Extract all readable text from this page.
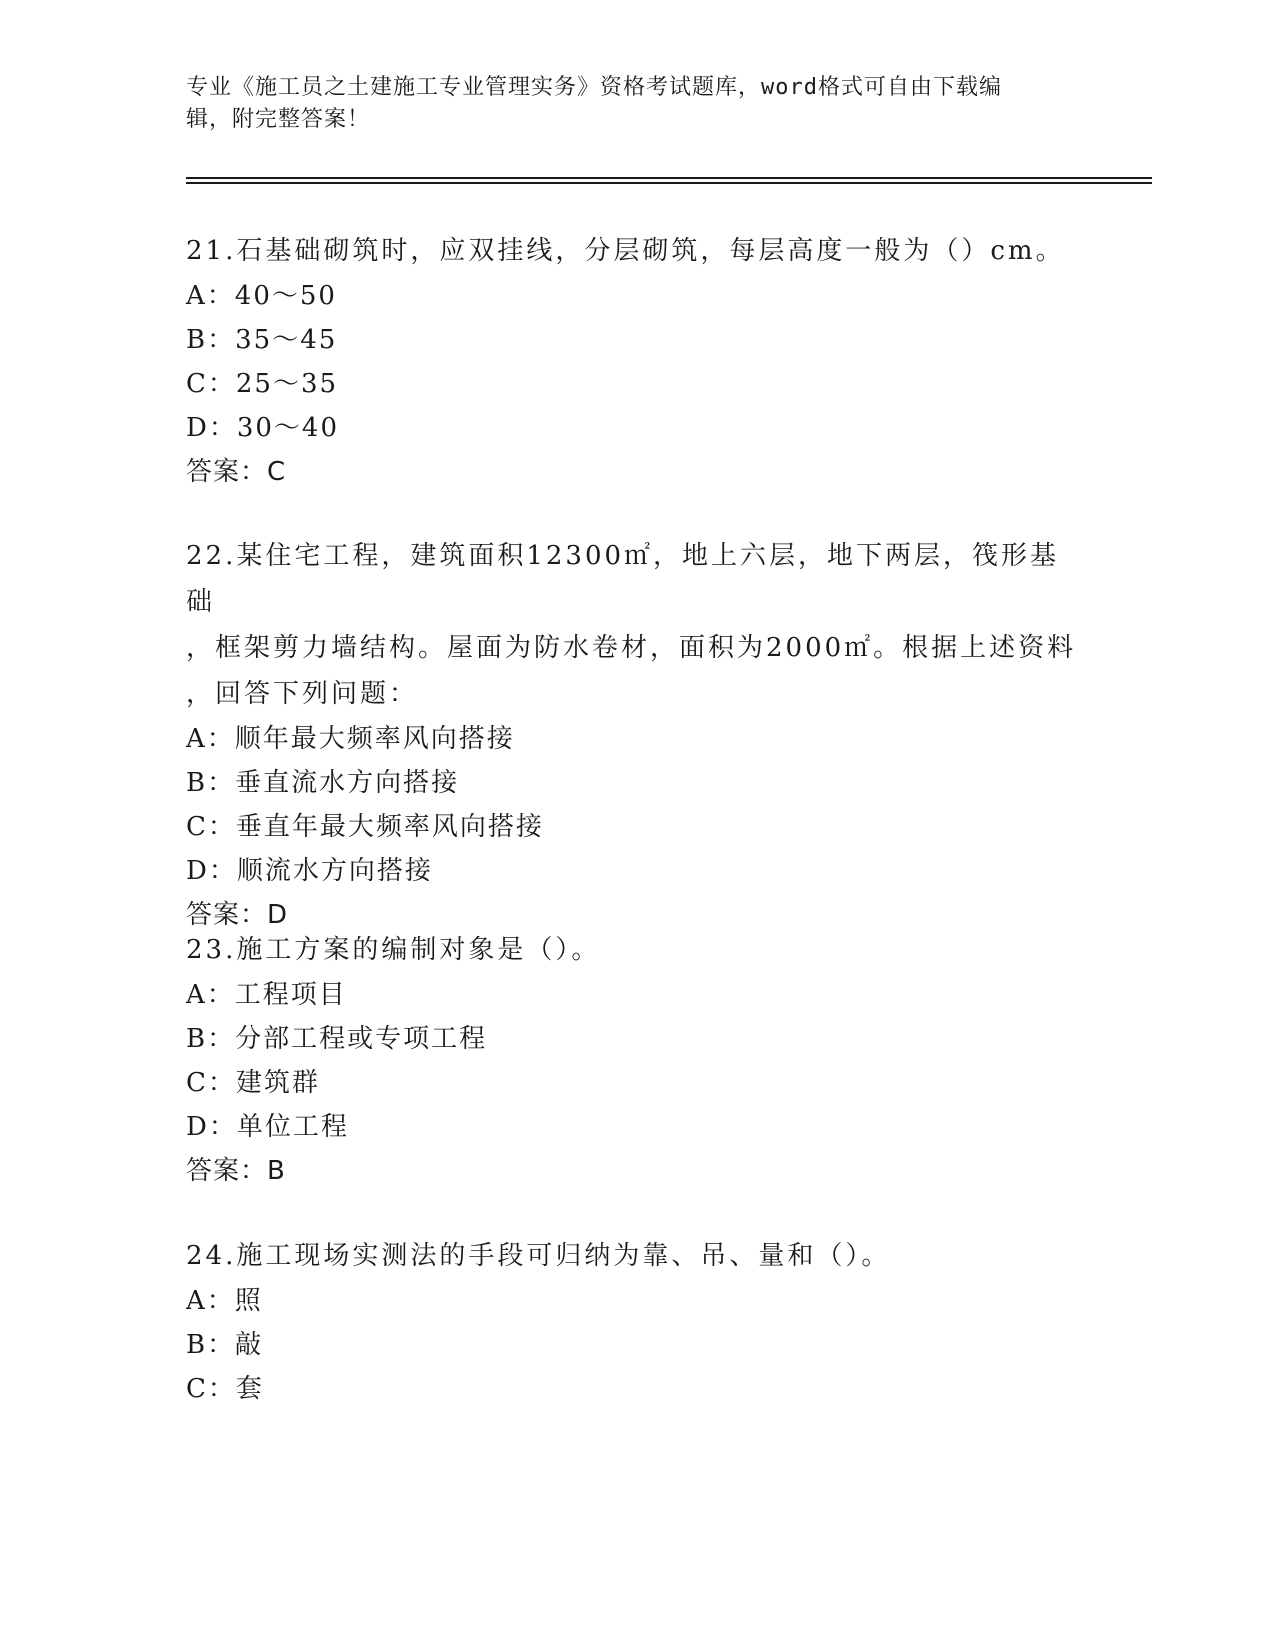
专业《施工员之土建施工专业管理实务》资格考试题库，word格式可自由下载编
辑，附完整答案！
21.石基础砌筑时，应双挂线，分层砌筑，每层高度一般为（）cm。
A：40～50
B：35～45
C：25～35
D：30～40
答案：C
22.某住宅工程，建筑面积12300㎡，地上六层，地下两层，筏形基础
，框架剪力墙结构。屋面为防水卷材，面积为2000㎡。根据上述资料
，回答下列问题：
A：顺年最大频率风向搭接
B：垂直流水方向搭接
C：垂直年最大频率风向搭接
D：顺流水方向搭接
答案：D
23.施工方案的编制对象是（）。
A：工程项目
B：分部工程或专项工程
C：建筑群
D：单位工程
答案：B
24.施工现场实测法的手段可归纳为靠、吊、量和（）。
A：照
B：敲
C：套
